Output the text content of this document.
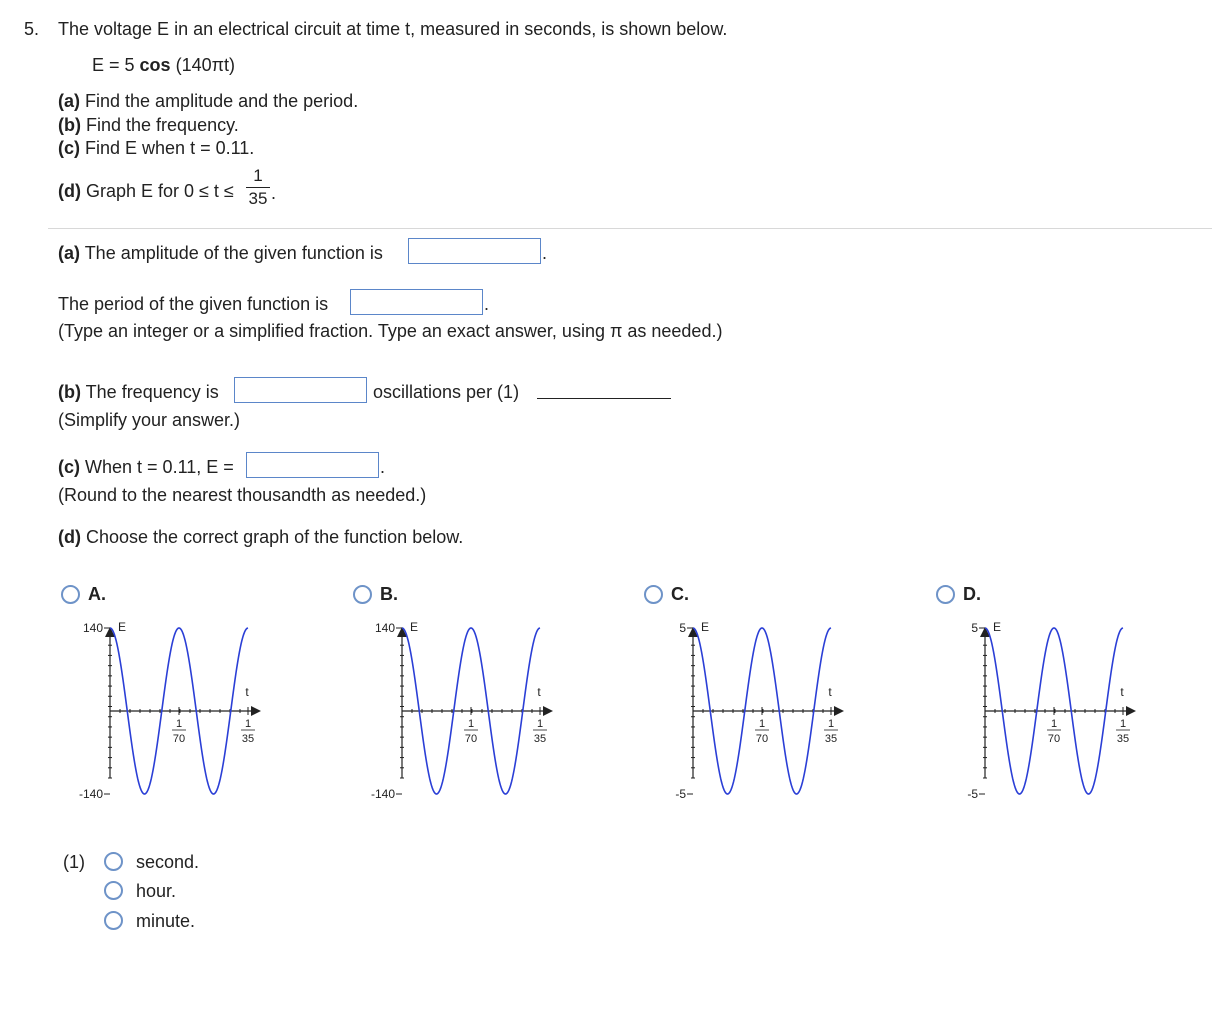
5. The voltage E in an electrical circuit at time t, measured in seconds, is shown below.
E = 5 cos (140πt)
(a) Find the amplitude and the period.
(b) Find the frequency.
(c) Find E when t = 0.11.
(d) Graph E for 0 ≤ t ≤
1
35 .
(a) The amplitude of the given function is	.
The period of the given function is	.
(Type an integer or a simplified fraction. Type an exact answer, using π as needed.)
(b) The frequency is	oscillations per (1)
(Simplify your answer.)
(c) When t = 0.11, E =	.
(Round to the nearest thousandth as needed.)
(d) Choose the correct graph of the function below.
A.
E
t
140
-140
1
70
1
35
B.
E
t
140
-140
1
70
1
35
C.
E
t
5
-5
1
70
1
35
D.
E
t
5
-5
1
70
1
35
(1)	second.
hour.
minute.
